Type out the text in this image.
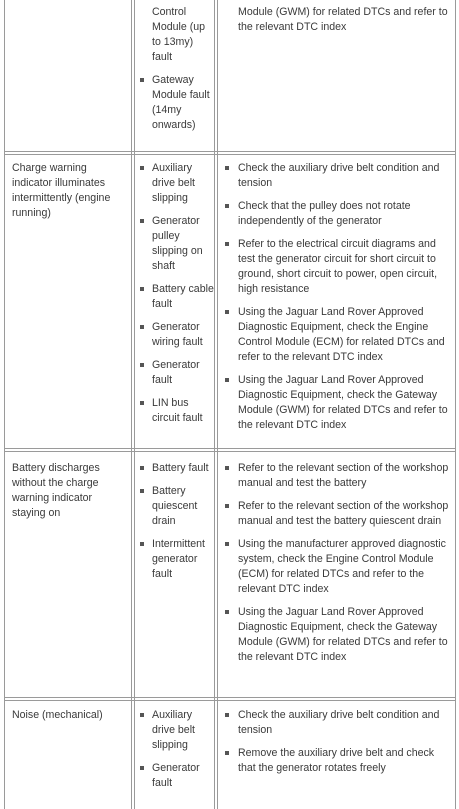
Control Module (up to 13my) fault
Gateway Module fault (14my onwards)
Module (GWM) for related DTCs and refer to the relevant DTC index

Charge warning indicator illuminates intermittently (engine running)

Auxiliary drive belt slipping
Generator pulley slipping on shaft
Battery cable fault
Generator wiring fault
Generator fault
LIN bus circuit fault
Check the auxiliary drive belt condition and tension
Check that the pulley does not rotate independently of the generator
Refer to the electrical circuit diagrams and test the generator circuit for short circuit to ground, short circuit to power, open circuit, high resistance
Using the Jaguar Land Rover Approved Diagnostic Equipment, check the Engine Control Module (ECM) for related DTCs and refer to the relevant DTC index
Using the Jaguar Land Rover Approved Diagnostic Equipment, check the Gateway Module (GWM) for related DTCs and refer to the relevant DTC index

Battery discharges without the charge warning indicator staying on

Battery fault
Battery quiescent drain
Intermittent generator fault
Refer to the relevant section of the workshop manual and test the battery
Refer to the relevant section of the workshop manual and test the battery quiescent drain
Using the manufacturer approved diagnostic system, check the Engine Control Module (ECM) for related DTCs and refer to the relevant DTC index
Using the Jaguar Land Rover Approved Diagnostic Equipment, check the Gateway Module (GWM) for related DTCs and refer to the relevant DTC index

Noise (mechanical)	Auxiliary drive belt slipping
Generator fault
Check the auxiliary drive belt condition and tension
Remove the auxiliary drive belt and check that the generator rotates freely
